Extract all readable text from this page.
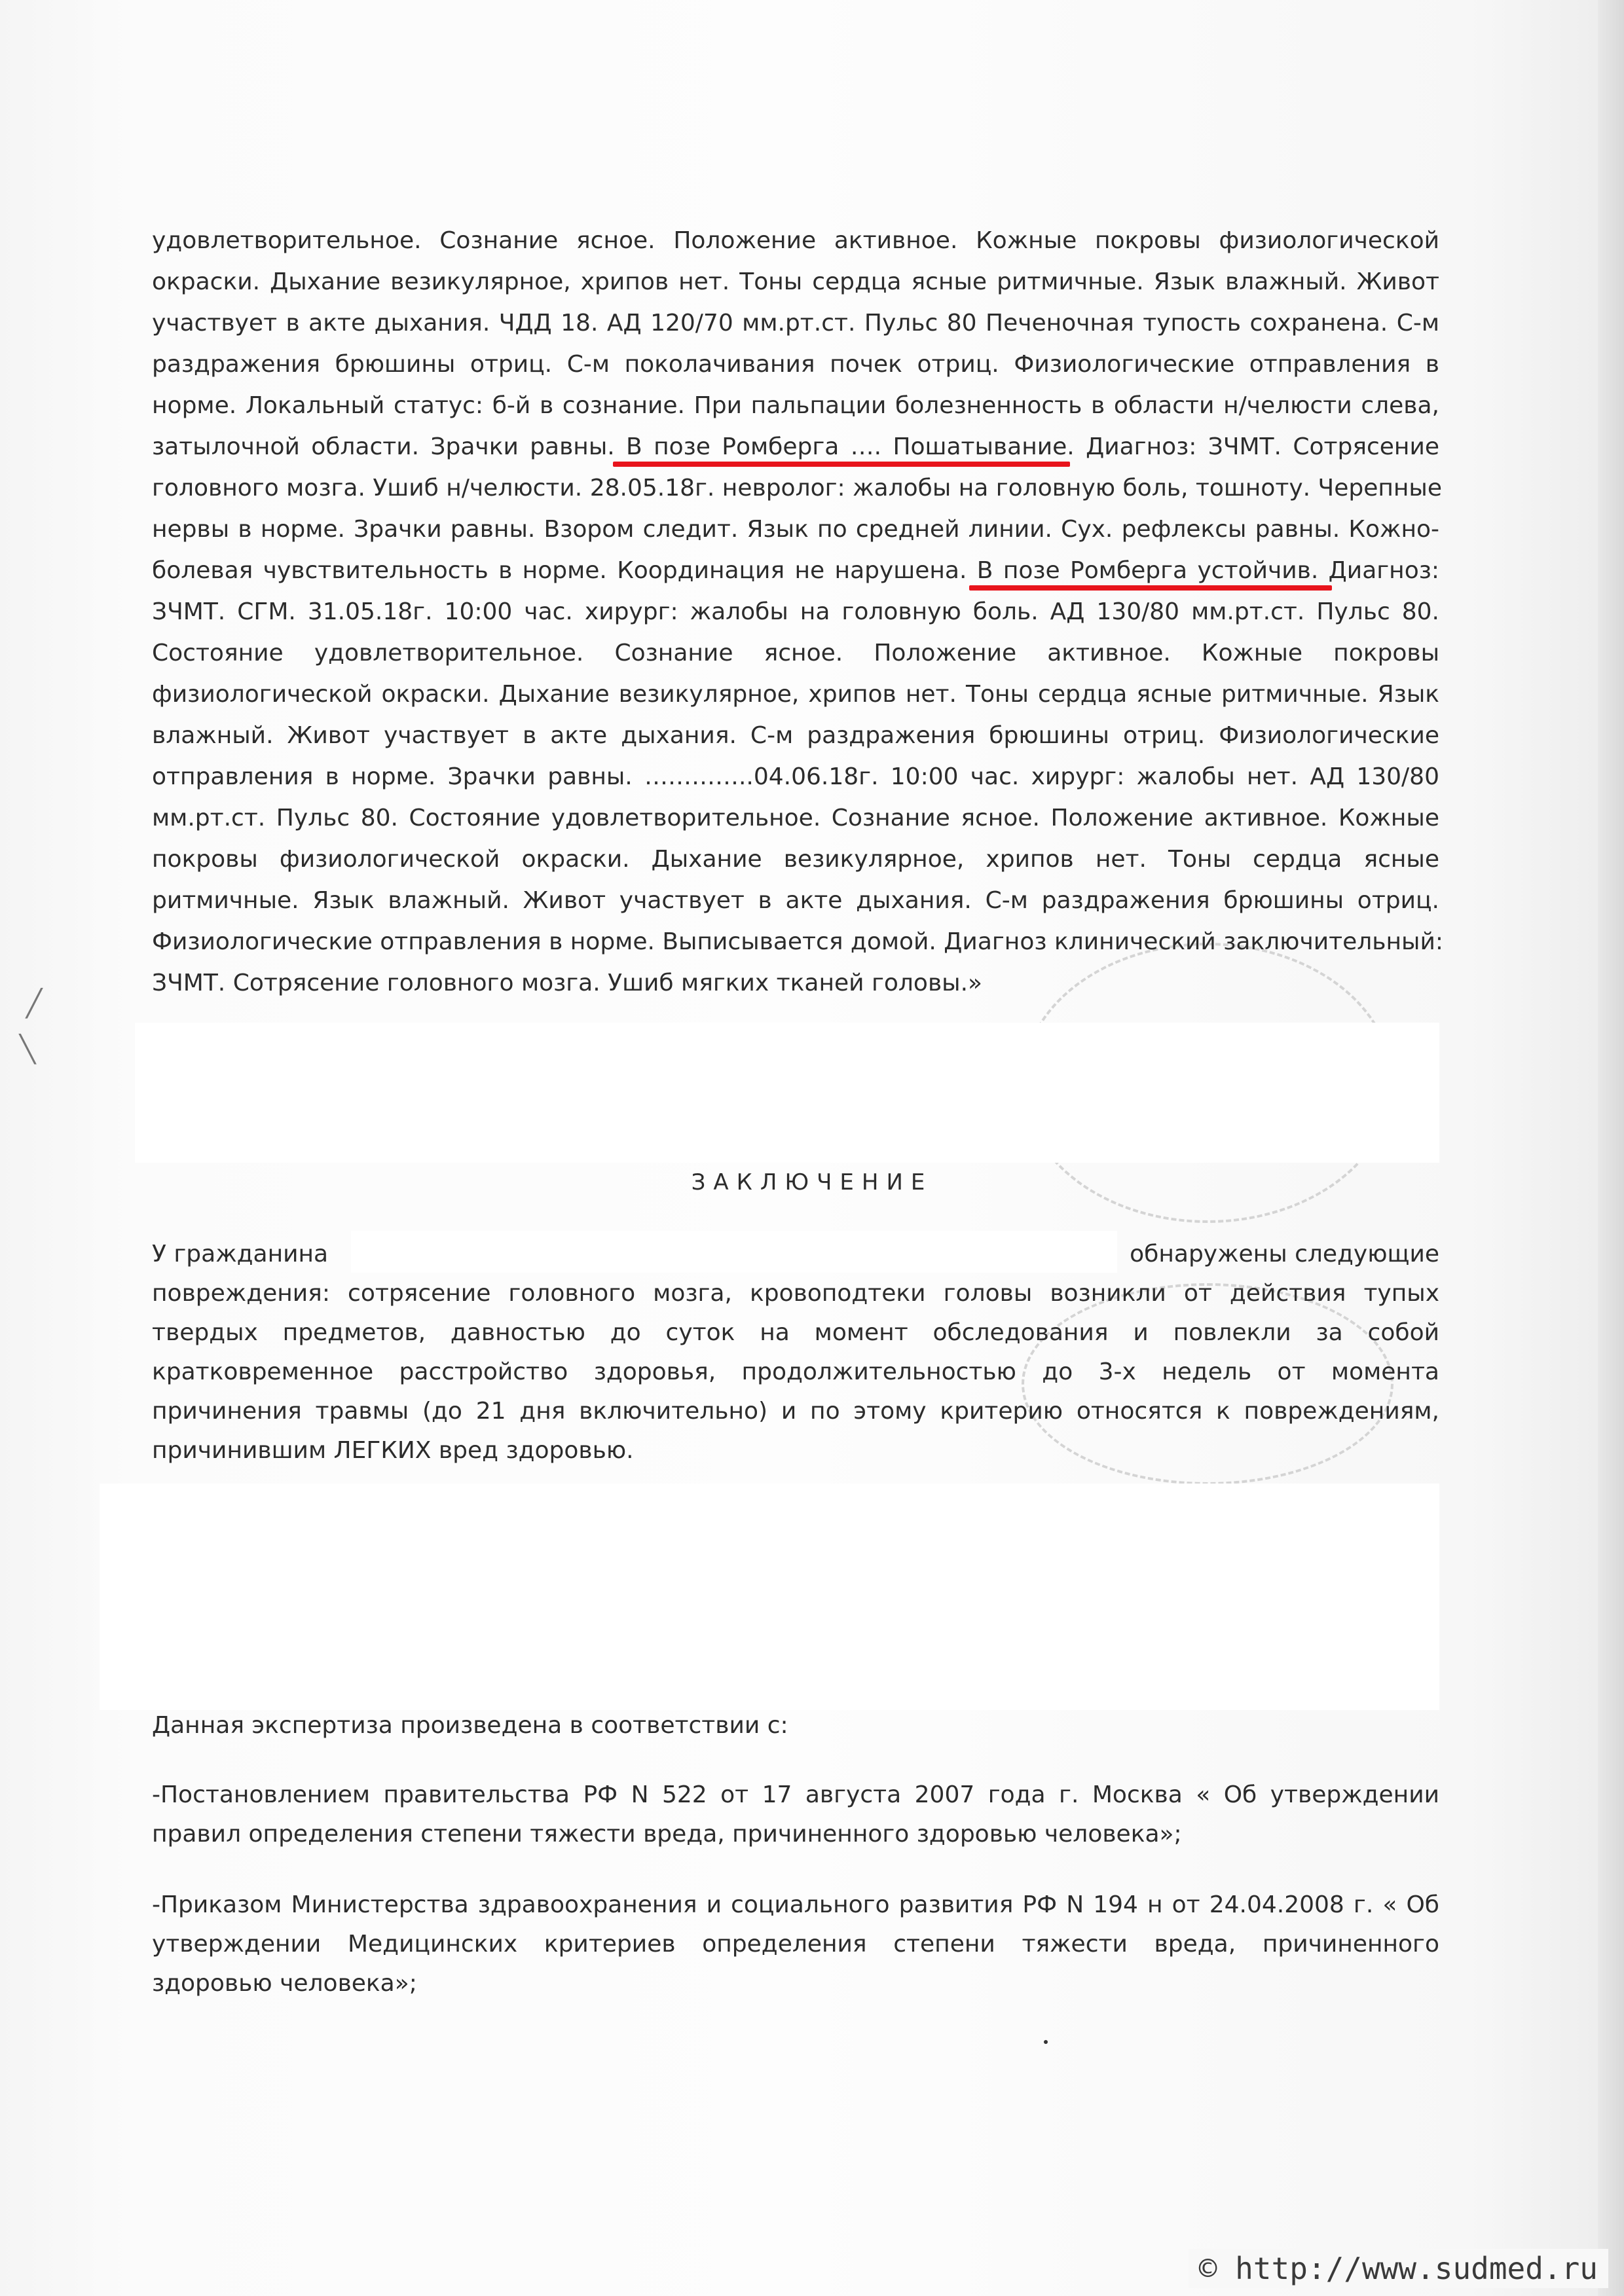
╱
╲
удовлетворительное. Сознание ясное. Положение активное. Кожные покровы физиологической
окраски. Дыхание везикулярное, хрипов нет. Тоны сердца ясные ритмичные. Язык влажный. Живот
участвует в акте дыхания. ЧДД 18. АД 120/70 мм.рт.ст. Пульс 80 Печеночная тупость сохранена. С-м
раздражения брюшины отриц. С-м поколачивания почек отриц. Физиологические отправления в
норме. Локальный статус: б-й в сознание. При пальпации болезненность в области н/челюсти слева,
затылочной области. Зрачки равны. В позе Ромберга …. Пошатывание. Диагноз: ЗЧМТ. Сотрясение
головного мозга. Ушиб н/челюсти. 28.05.18г. невролог: жалобы на головную боль, тошноту. Черепные
нервы в норме. Зрачки равны. Взором следит. Язык по средней линии. Сух. рефлексы равны. Кожно-
болевая чувствительность в норме. Координация не нарушена. В позе Ромберга устойчив. Диагноз:
ЗЧМТ. СГМ. 31.05.18г. 10:00 час. хирург: жалобы на головную боль. АД 130/80 мм.рт.ст. Пульс 80.
Состояние удовлетворительное. Сознание ясное. Положение активное. Кожные покровы
физиологической окраски. Дыхание везикулярное, хрипов нет. Тоны сердца ясные ритмичные. Язык
влажный. Живот участвует в акте дыхания. С-м раздражения брюшины отриц. Физиологические
отправления в норме. Зрачки равны. …………..04.06.18г. 10:00 час. хирург: жалобы нет. АД 130/80
мм.рт.ст. Пульс 80. Состояние удовлетворительное. Сознание ясное. Положение активное. Кожные
покровы физиологической окраски. Дыхание везикулярное, хрипов нет. Тоны сердца ясные
ритмичные. Язык влажный. Живот участвует в акте дыхания. С-м раздражения брюшины отриц.
Физиологические отправления в норме. Выписывается домой. Диагноз клинический заключительный:
ЗЧМТ. Сотрясение головного мозга. Ушиб мягких тканей головы.»
ЗАКЛЮЧЕНИЕ
У гражданина	обнаружены следующие
повреждения: сотрясение головного мозга, кровоподтеки головы возникли от действия тупых
твердых предметов, давностью до суток на момент обследования и повлекли за собой
кратковременное расстройство здоровья, продолжительностью до 3-х недель от момента
причинения травмы (до 21 дня включительно) и по этому критерию относятся к повреждениям,
причинившим ЛЕГКИХ вред здоровью.
Данная экспертиза произведена в соответствии с:
-Постановлением правительства РФ N 522 от 17 августа 2007 года г. Москва « Об утверждении
правил определения степени тяжести вреда, причиненного здоровью человека»;
-Приказом Министерства здравоохранения и социального развития РФ N 194 н от 24.04.2008 г. « Об
утверждении Медицинских критериев определения степени тяжести вреда, причиненного
здоровью человека»;
© http://www.sudmed.ru
